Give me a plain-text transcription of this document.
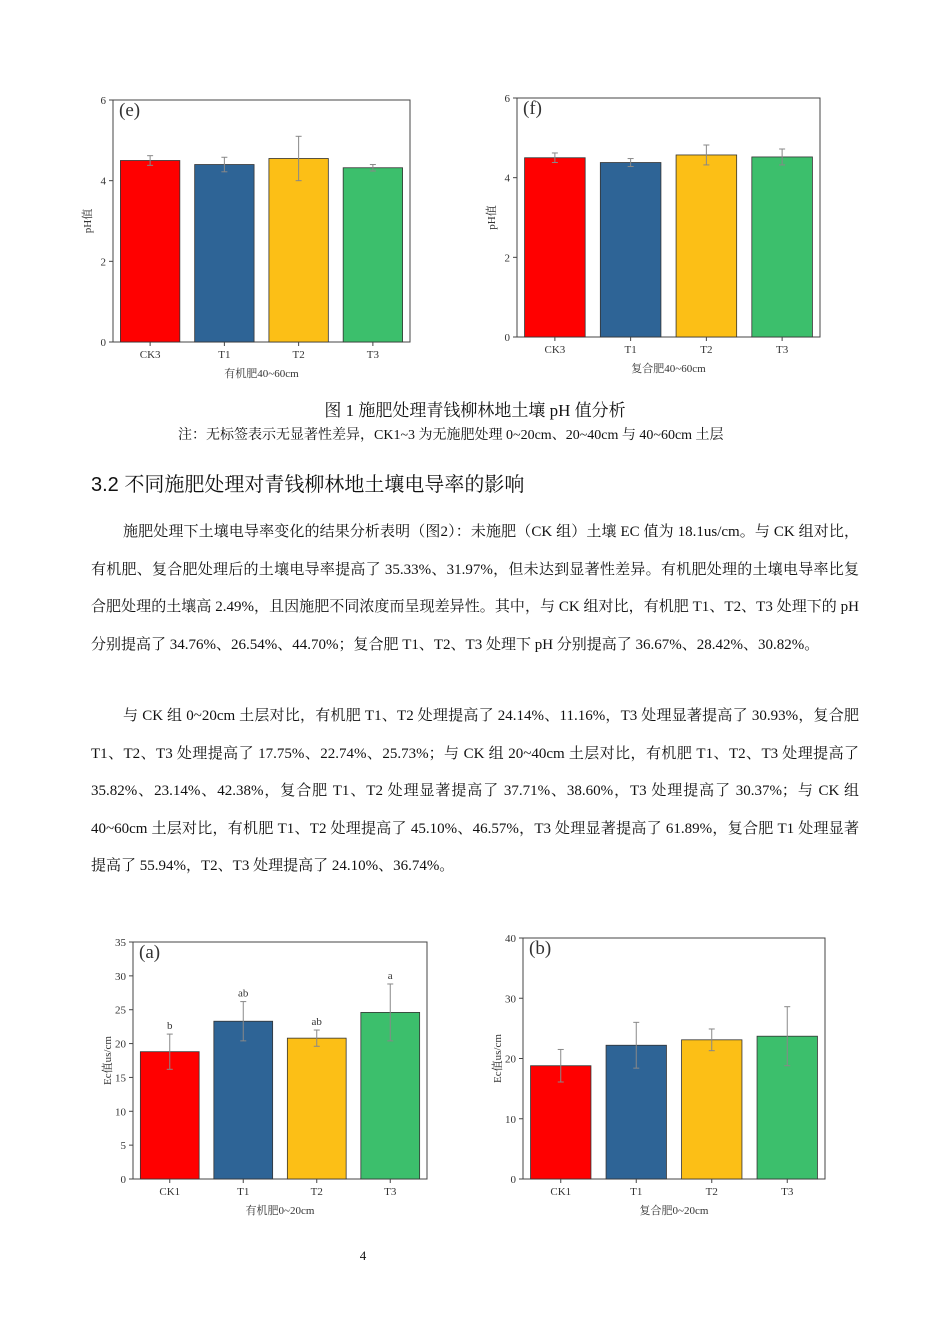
0
2
4
6 (e)
CK3	T1	T2	T3
有机肥40~60cm
pH值
0
2
4
6 (f)
CK3	T1	T2	T3
复合肥40~60cm
pH值
图 1 施肥处理青钱柳林地土壤 pH 值分析
注：无标签表示无显著性差异，CK1~3 为无施肥处理 0~20cm、20~40cm 与 40~60cm 土层
3.2 不同施肥处理对青钱柳林地土壤电导率的影响

施肥处理下土壤电导率变化的结果分析表明（图2）：未施肥（CK 组）土壤 EC 值为 18.1us/cm。与 CK 组对比，有机肥、复合肥处理后的土壤电导率提高了 35.33%、31.97%，但未达到显著性差异。有机肥处理的土壤电导率比复合肥处理的土壤高 2.49%，且因施肥不同浓度而呈现差异性。其中，与 CK 组对比，有机肥 T1、T2、T3 处理下的 pH 分别提高了 34.76%、26.54%、44.70%；复合肥 T1、T2、T3 处理下 pH 分别提高了 36.67%、28.42%、30.82%。

与 CK 组 0~20cm 土层对比，有机肥 T1、T2 处理提高了 24.14%、11.16%，T3 处理显著提高了 30.93%，复合肥 T1、T2、T3 处理提高了 17.75%、22.74%、25.73%；与 CK 组 20~40cm 土层对比，有机肥 T1、T2、T3 处理提高了 35.82%、23.14%、42.38%，复合肥 T1、T2 处理显著提高了 37.71%、38.60%，T3 处理提高了 30.37%；与 CK 组 40~60cm 土层对比，有机肥 T1、T2 处理提高了 45.10%、46.57%，T3 处理显著提高了 61.89%，复合肥 T1 处理显著提高了 55.94%，T2、T3 处理提高了 24.10%、36.74%。

0
5
10
15
20
25
30
35 (a)
b
CK1
ab
T1
ab
T2
a
T3
有机肥0~20cm
Ec值us/cm
0
10
20
30
40 (b)
CK1	T1	T2	T3
复合肥0~20cm
Ec值us/cm
4
